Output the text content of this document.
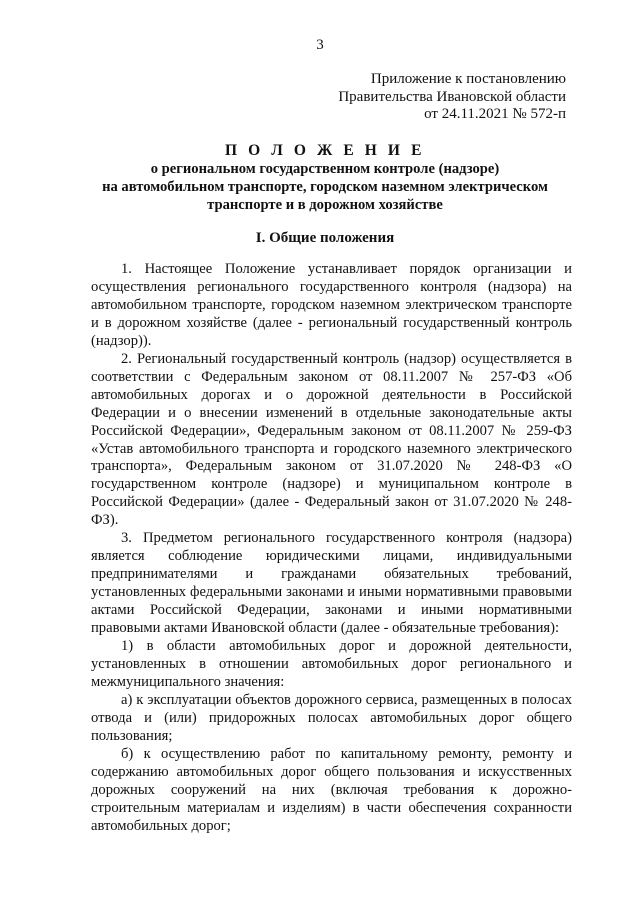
3
Приложение к постановлению
Правительства Ивановской области
от 24.11.2021 № 572-п
П О Л О Ж Е Н И Е
о региональном государственном контроле (надзоре)
на автомобильном транспорте, городском наземном электрическом
транспорте и в дорожном хозяйстве
I. Общие положения

1. Настоящее Положение устанавливает порядок организации и осуществления регионального государственного контроля (надзора) на автомобильном транспорте, городском наземном электрическом транспорте и в дорожном хозяйстве (далее - региональный государственный контроль (надзор)).

2. Региональный государственный контроль (надзор) осуществляется в соответствии с Федеральным законом от 08.11.2007 № 257-ФЗ «Об автомобильных дорогах и о дорожной деятельности в Российской Федерации и о внесении изменений в отдельные законодательные акты Российской Федерации», Федеральным законом от 08.11.2007 № 259-ФЗ «Устав автомобильного транспорта и городского наземного электрического транспорта», Федеральным законом от 31.07.2020 № 248-ФЗ «О государственном контроле (надзоре) и муниципальном контроле в Российской Федерации» (далее - Федеральный закон от 31.07.2020 № 248-ФЗ).

3. Предметом регионального государственного контроля (надзора) является соблюдение юридическими лицами, индивидуальными предпринимателями и гражданами обязательных требований, установленных федеральными законами и иными нормативными правовыми актами Российской Федерации, законами и иными нормативными правовыми актами Ивановской области (далее - обязательные требования):

1) в области автомобильных дорог и дорожной деятельности, установленных в отношении автомобильных дорог регионального и межмуниципального значения:

а) к эксплуатации объектов дорожного сервиса, размещенных в полосах отвода и (или) придорожных полосах автомобильных дорог общего пользования;

б) к осуществлению работ по капитальному ремонту, ремонту и содержанию автомобильных дорог общего пользования и искусственных дорожных сооружений на них (включая требования к дорожно-строительным материалам и изделиям) в части обеспечения сохранности автомобильных дорог;
